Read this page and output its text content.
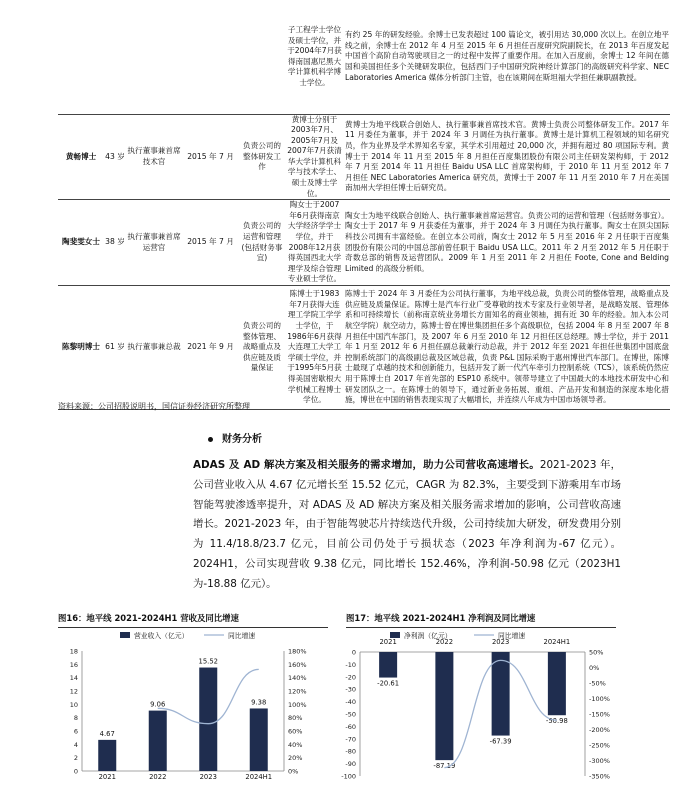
					子工程学士学位及硕士学位，并于2004年7月获得南国惠尼黑大学计算机科学博士学位。	有约 25 年的研发经验。余博士已发表超过 100 篇论文，被引用达 30,000 次以上。在创立地平线之前，余博士在 2012 年 4 月至 2015 年 6 月担任百度研究院副院长，在 2013 年百度发起中国首个高阶自动驾驶项目之一的过程中发挥了重要作用。在加入百度前，余博士 12 年间在德国和美国担任多个关键研发职位，包括西门子中国研究院神经计算部门的高级研究科学家、NEC Laboratories America 媒体分析部门主管，也在该期间在斯坦福大学担任兼职副教授。
黄畅博士	43 岁	执行董事兼首席技术官	2015 年 7 月	负责公司的整体研发工作	黄博士分别于2003年7月、2005年7月及2007年7月获清华大学计算机科学与技术学士、硕士及博士学位。	黄博士为地平线联合创始人、执行董事兼首席技术官。黄博士负责公司整体研发工作。2017 年 11 月委任为董事，并于 2024 年 3 月调任为执行董事。黄博士是计算机工程领域的知名研究员，作为业界及学术界知名专家，其学术引用超过 20,000 次，并拥有超过 80 项国际专利。黄博士于 2014 年 11 月至 2015 年 8 月担任百度集团股份有限公司主任研发架构师，于 2012 年 7 月至 2014 年 11 月担任 Baidu USA LLC 首席架构师，于 2010 年 11 月至 2012 年 7 月担任 NEC Laboratories America 研究员，黄博士于 2007 年 11 月至 2010 年 7 月在美国南加州大学担任博士后研究员。
陶斐雯女士	38 岁	执行董事兼首席运营官	2015 年 7 月	负责公司的运营和管理(包括财务事宜)	陶女士于2007年6月获得南京大学经济学学士学位，并于2008年12月获得英国西北大学理学及综合管理专业硕士学位。	陶女士为地平线联合创始人、执行董事兼首席运营官。负责公司的运营和管理（包括财务事宜）。陶女士于 2017 年 9 月获委任为董事，并于 2024 年 3 月调任为执行董事。陶女士在顶尖国际科技公司拥有丰富经验。在创立本公司前，陶女士 2012 年 5 月至 2016 年 2 月任职于百度集团股份有限公司的中国总部前曾任职于 Baidu USA LLC。2011 年 2 月至 2012 年 5 月任职于奇数总部的销售及运营团队。2009 年 1 月至 2011 年 2 月担任 Foote, Cone and Belding Limited 的高级分析师。
陈黎明博士	61 岁	执行董事兼总裁	2021 年 9 月	负责公司的整体管理、战略重点及供应链及质量保证	陈博士于1983年7月获得大连理工学院工学学士学位，于1986年6月获得大连理工大学工学硕士学位，并于1995年5月获得美国密歇根大学机械工程博士学位。	陈博士于 2024 年 3 月委任为公司执行董事，为地平线总裁，负责公司的整体管理，战略重点及供应链及质量保证。陈博士是汽车行业广受尊敬的技术专家及行业领导者，是战略发展、管理体系和可持续增长（前称南京统业务增长方面知名的商业领袖，拥有近 30 年的经验。加入本公司航空学院）航空动力，陈博士曾在博世集团担任多个高级职位，包括 2004 年 8 月至 2007 年 8 月担任中国汽车部门，及 2007 年 6 月至 2010 年 12 月担任区总经理。博士学位，并于 2011 年 1 月至 2012 年 6 月担任副总裁兼行动总裁，并于 2012 年至 2021 年担任世集团中国底盘控制系统部门的高级副总裁及区域总裁，负责 P&L 国际采购于惠州博世汽车部门。在博世，陈博士最现了卓越的技术和创新能力，包括开发了新一代汽车牵引力控制系统（TCS），该系统仍然应用于陈博士自 2017 年首先部的 ESP10 系统中。领带导建立了中国最大的本地技术研发中心和研发团队之一。在陈博士的领导下，通过新业务拓展、重组、产品开发和制造的深度本地化措施，博世在中国的销售表现实现了大幅增长，并连续八年成为中国市场领导者。
资料来源：公司招股说明书，国信证券经济研究所整理
财务分析
ADAS 及 AD 解决方案及相关服务的需求增加，助力公司营收高速增长。2021-2023 年，公司营业收入从 4.67 亿元增长至 15.52 亿元，CAGR 为 82.3%，主要受到下游乘用车市场智能驾驶渗透率提升，对 ADAS 及 AD 解决方案及相关服务需求增加的影响，公司营收高速增长。2021-2023 年，由于智能驾驶芯片持续迭代升级，公司持续加大研发，研发费用分别为 11.4/18.8/23.7 亿元，目前公司仍处于亏损状态（2023 年净利润为-67 亿元）。2024H1，公司实现营收 9.38 亿元，同比增长 152.46%，净利润-50.98 亿元（2023H1 为-18.88 亿元）。
图16：地平线 2021-2024H1 营收及同比增速	图17：地平线 2021-2024H1 净利润及同比增速
0
2
4
6
8
10
12
14
16
18
0%
20%
40%
60%
80%
100%
120%
140%
160%
180%
4.67
9.06
15.52
9.38
2021	2022	2023	2024H1
营业收入（亿元）	同比增速
0
-10
-20
-30
-40
-50
-60
-70
-80
-90
-100
50%
0%
-50%
-100%
-150%
-200%
-250%
-300%
-350%
-20.61
-87.19
-67.39
-50.98
2021	2022	2023	2024H1
净利润（亿元）	同比增速
